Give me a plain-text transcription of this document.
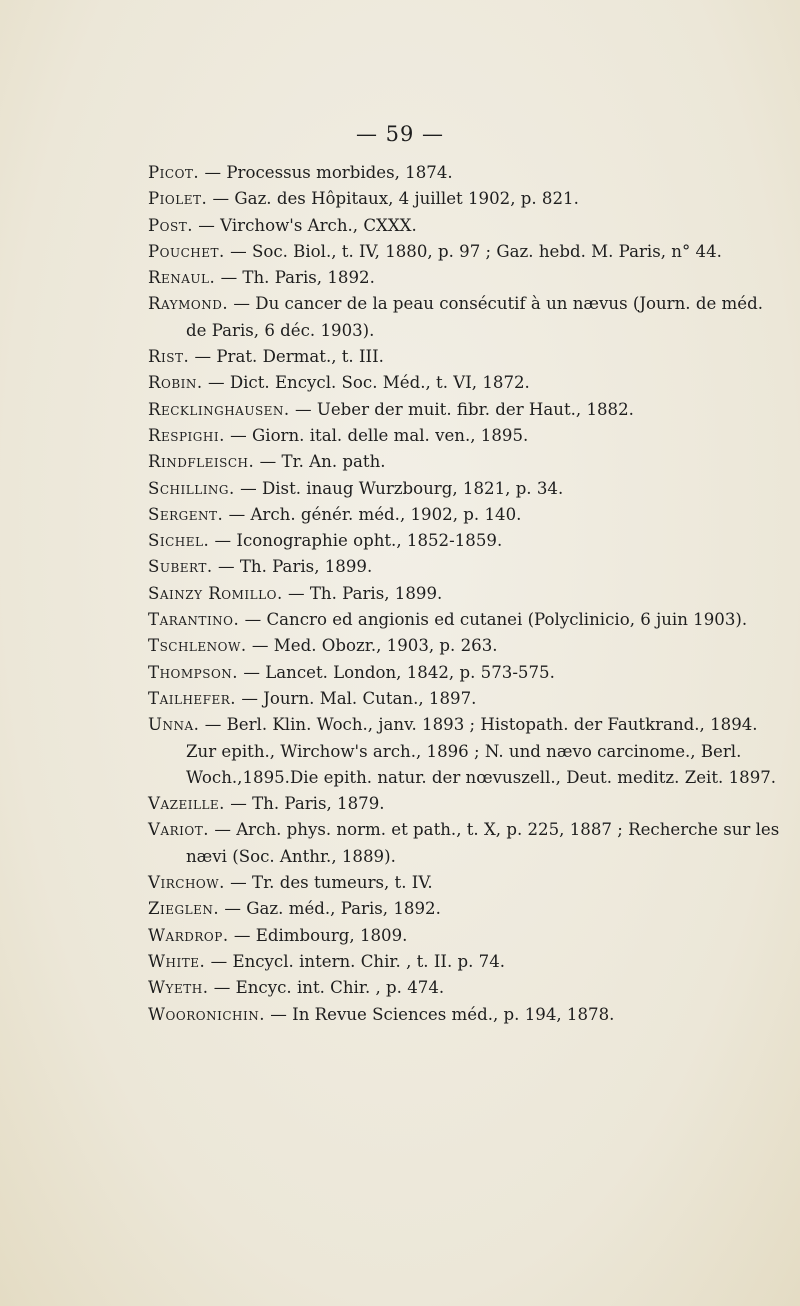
— 59 —
Picot. — Processus morbides, 1874.
Piolet. — Gaz. des Hôpitaux, 4 juillet 1902, p. 821.
Post. — Virchow's Arch., CXXX.
Pouchet. — Soc. Biol., t. IV, 1880, p. 97 ; Gaz. hebd. M. Paris, n° 44.
Renaul. — Th. Paris, 1892.
Raymond. — Du cancer de la peau consécutif à un nævus (Journ. de méd. de Paris, 6 déc. 1903).
Rist. — Prat. Dermat., t. III.
Robin. — Dict. Encycl. Soc. Méd., t. VI, 1872.
Recklinghausen. — Ueber der muit. fibr. der Haut., 1882.
Respighi. — Giorn. ital. delle mal. ven., 1895.
Rindfleisch. — Tr. An. path.
Schilling. — Dist. inaug Wurzbourg, 1821, p. 34.
Sergent. — Arch. génér. méd., 1902, p. 140.
Sichel. — Iconographie opht., 1852-1859.
Subert. — Th. Paris, 1899.
Sainzy Romillo. — Th. Paris, 1899.
Tarantino. — Cancro ed angionis ed cutanei (Polyclinicio, 6 juin 1903).
Tschlenow. — Med. Obozr., 1903, p. 263.
Thompson. — Lancet. London, 1842, p. 573-575.
Tailhefer. — Journ. Mal. Cutan., 1897.
Unna. — Berl. Klin. Woch., janv. 1893 ; Histopath. der Fautkrand., 1894. Zur epith., Wirchow's arch., 1896 ; N. und nævo carcinome., Berl. Woch.,1895.Die epith. natur. der nœvuszell., Deut. meditz. Zeit. 1897.
Vazeille. — Th. Paris, 1879.
Variot. — Arch. phys. norm. et path., t. X, p. 225, 1887 ; Recherche sur les nævi (Soc. Anthr., 1889).
Virchow. — Tr. des tumeurs, t. IV.
Zieglen. — Gaz. méd., Paris, 1892.
Wardrop. — Edimbourg, 1809.
White. — Encycl. intern. Chir. , t. II. p. 74.
Wyeth. — Encyc. int. Chir. , p. 474.
Wooronichin. — In Revue Sciences méd., p. 194, 1878.
